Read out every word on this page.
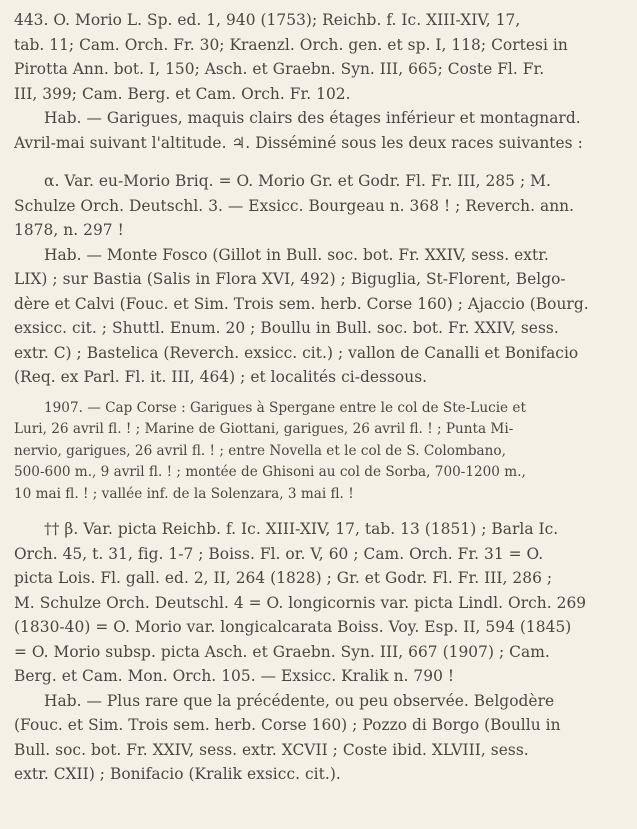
443. O. Morio L. Sp. ed. 1, 940 (1753); Reichb. f. Ic. XIII-XIV, 17,
tab. 11; Cam. Orch. Fr. 30; Kraenzl. Orch. gen. et sp. I, 118; Cortesi in
Pirotta Ann. bot. I, 150; Asch. et Graebn. Syn. III, 665; Coste Fl. Fr.
III, 399; Cam. Berg. et Cam. Orch. Fr. 102.
Hab. — Garigues, maquis clairs des étages inférieur et montagnard.
Avril-mai suivant l'altitude. ♃. Disséminé sous les deux races suivantes :
α. Var. eu-Morio Briq. = O. Morio Gr. et Godr. Fl. Fr. III, 285 ; M.
Schulze Orch. Deutschl. 3. — Exsicc. Bourgeau n. 368 ! ; Reverch. ann.
1878, n. 297 !
Hab. — Monte Fosco (Gillot in Bull. soc. bot. Fr. XXIV, sess. extr.
LIX) ; sur Bastia (Salis in Flora XVI, 492) ; Biguglia, St-Florent, Belgo-
dère et Calvi (Fouc. et Sim. Trois sem. herb. Corse 160) ; Ajaccio (Bourg.
exsicc. cit. ; Shuttl. Enum. 20 ; Boullu in Bull. soc. bot. Fr. XXIV, sess.
extr. C) ; Bastelica (Reverch. exsicc. cit.) ; vallon de Canalli et Bonifacio
(Req. ex Parl. Fl. it. III, 464) ; et localités ci-dessous.
1907. — Cap Corse : Garigues à Spergane entre le col de Ste-Lucie et
Luri, 26 avril fl. ! ; Marine de Giottani, garigues, 26 avril fl. ! ; Punta Mi-
nervio, garigues, 26 avril fl. ! ; entre Novella et le col de S. Colombano,
500-600 m., 9 avril fl. ! ; montée de Ghisoni au col de Sorba, 700-1200 m.,
10 mai fl. ! ; vallée inf. de la Solenzara, 3 mai fl. !
†† β. Var. picta Reichb. f. Ic. XIII-XIV, 17, tab. 13 (1851) ; Barla Ic.
Orch. 45, t. 31, fig. 1-7 ; Boiss. Fl. or. V, 60 ; Cam. Orch. Fr. 31 = O.
picta Lois. Fl. gall. ed. 2, II, 264 (1828) ; Gr. et Godr. Fl. Fr. III, 286 ;
M. Schulze Orch. Deutschl. 4 = O. longicornis var. picta Lindl. Orch. 269
(1830-40) = O. Morio var. longicalcarata Boiss. Voy. Esp. II, 594 (1845)
= O. Morio subsp. picta Asch. et Graebn. Syn. III, 667 (1907) ; Cam.
Berg. et Cam. Mon. Orch. 105. — Exsicc. Kralik n. 790 !
Hab. — Plus rare que la précédente, ou peu observée. Belgodère
(Fouc. et Sim. Trois sem. herb. Corse 160) ; Pozzo di Borgo (Boullu in
Bull. soc. bot. Fr. XXIV, sess. extr. XCVII ; Coste ibid. XLVIII, sess.
extr. CXII) ; Bonifacio (Kralik exsicc. cit.).
